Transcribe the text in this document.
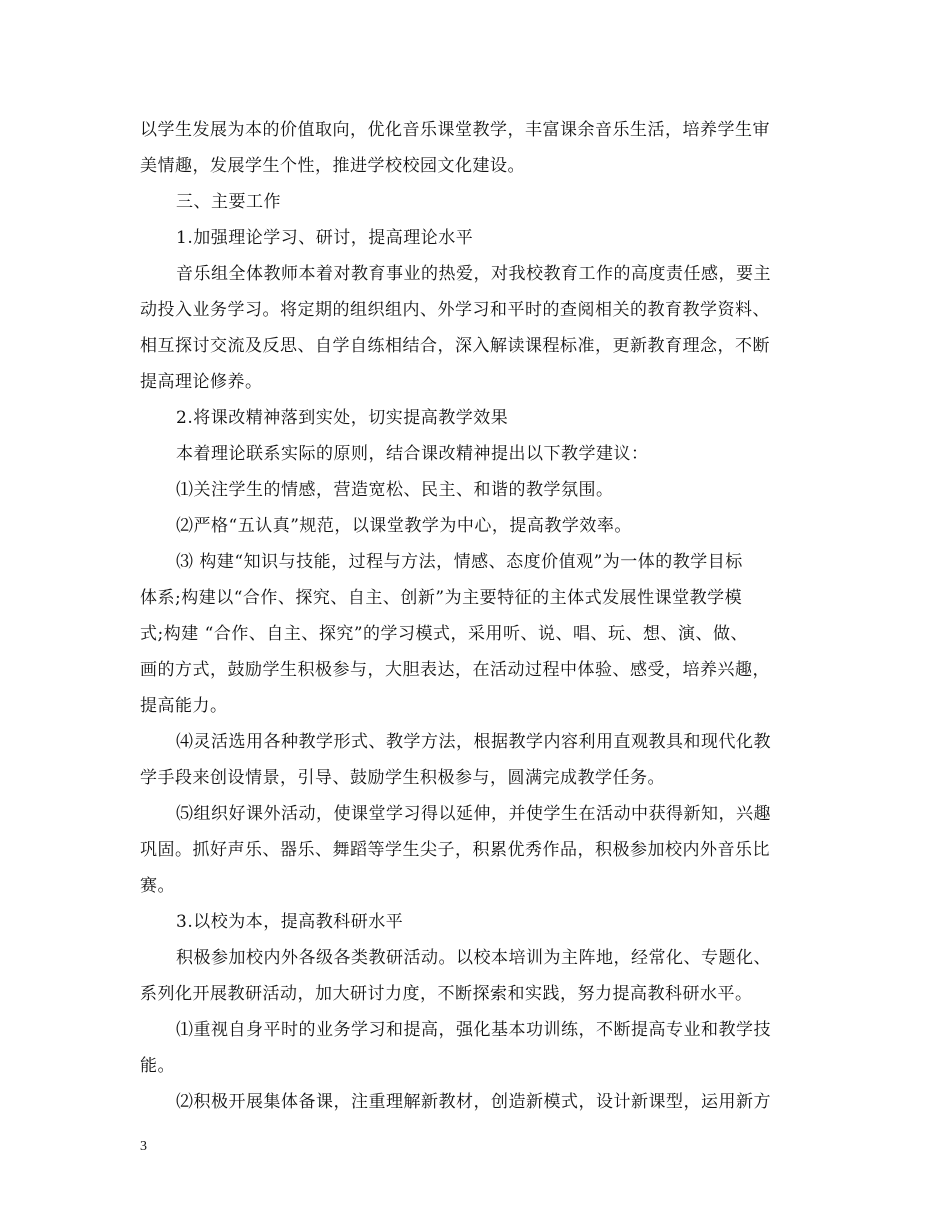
以学生发展为本的价值取向，优化音乐课堂教学，丰富课余音乐生活，培养学生审
美情趣，发展学生个性，推进学校校园文化建设。
三、主要工作
1.加强理论学习、研讨，提高理论水平
音乐组全体教师本着对教育事业的热爱，对我校教育工作的高度责任感，要主
动投入业务学习。将定期的组织组内、外学习和平时的查阅相关的教育教学资料、
相互探讨交流及反思、自学自练相结合，深入解读课程标准，更新教育理念，不断
提高理论修养。
2.将课改精神落到实处，切实提高教学效果
本着理论联系实际的原则，结合课改精神提出以下教学建议：
⑴关注学生的情感，营造宽松、民主、和谐的教学氛围。
⑵严格“五认真”规范，以课堂教学为中心，提高教学效率。
⑶ 构建“知识与技能，过程与方法，情感、态度价值观”为一体的教学目标
体系;构建以“合作、探究、自主、创新”为主要特征的主体式发展性课堂教学模
式;构建 “合作、自主、探究”的学习模式，采用听、说、唱、玩、想、演、做、
画的方式，鼓励学生积极参与，大胆表达，在活动过程中体验、感受，培养兴趣，
提高能力。
⑷灵活选用各种教学形式、教学方法，根据教学内容利用直观教具和现代化教
学手段来创设情景，引导、鼓励学生积极参与，圆满完成教学任务。
⑸组织好课外活动，使课堂学习得以延伸，并使学生在活动中获得新知，兴趣
巩固。抓好声乐、器乐、舞蹈等学生尖子，积累优秀作品，积极参加校内外音乐比
赛。
3.以校为本，提高教科研水平
积极参加校内外各级各类教研活动。以校本培训为主阵地，经常化、专题化、
系列化开展教研活动，加大研讨力度，不断探索和实践，努力提高教科研水平。
⑴重视自身平时的业务学习和提高，强化基本功训练，不断提高专业和教学技
能。
⑵积极开展集体备课，注重理解新教材，创造新模式，设计新课型，运用新方
3
